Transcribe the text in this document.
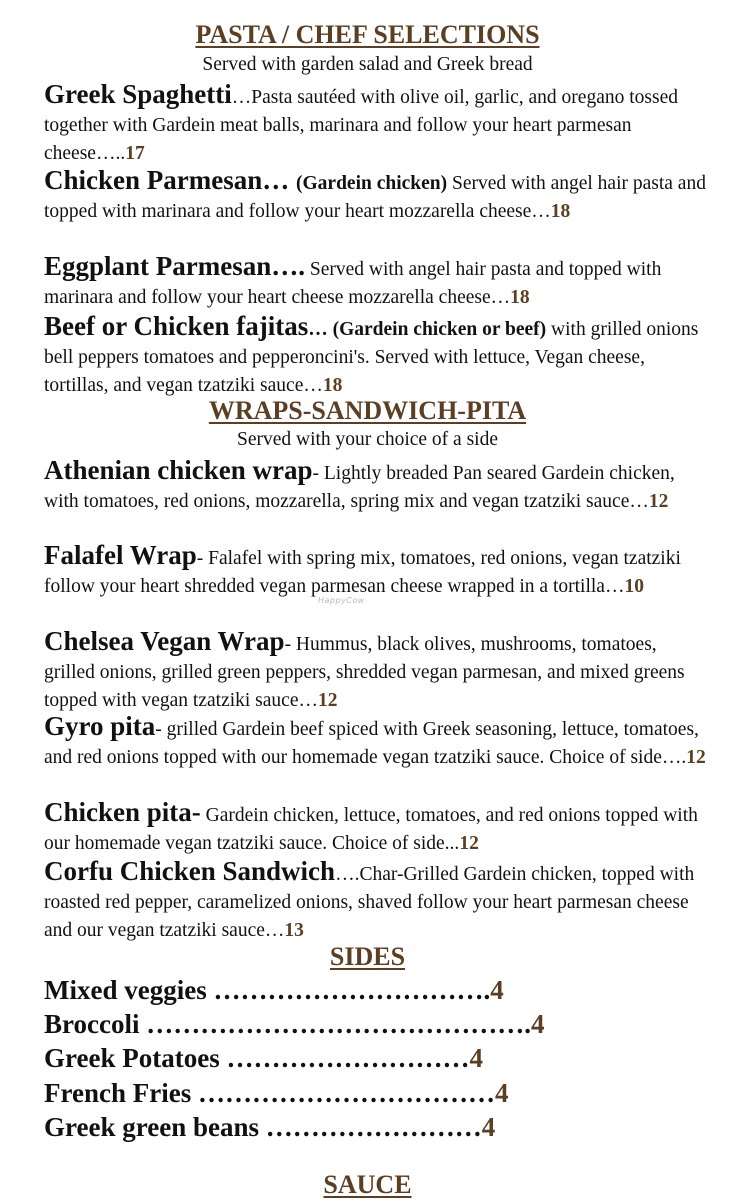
PASTA / CHEF SELECTIONS
Served with garden salad and Greek bread
Greek Spaghetti…Pasta sautéed with olive oil, garlic, and oregano tossed together with Gardein meat balls, marinara and follow your heart parmesan cheese…..17
Chicken Parmesan… (Gardein chicken) Served with angel hair pasta and topped with marinara and follow your heart mozzarella cheese…18
Eggplant Parmesan…. Served with angel hair pasta and topped with marinara and follow your heart cheese mozzarella cheese…18
Beef or Chicken fajitas… (Gardein chicken or beef) with grilled onions bell peppers tomatoes and pepperoncini's. Served with lettuce, Vegan cheese, tortillas, and vegan tzatziki sauce…18
WRAPS-SANDWICH-PITA
Served with your choice of a side
Athenian chicken wrap- Lightly breaded Pan seared Gardein chicken, with tomatoes, red onions, mozzarella, spring mix and vegan tzatziki sauce…12
Falafel Wrap- Falafel with spring mix, tomatoes, red onions, vegan tzatziki follow your heart shredded vegan parmesan cheese wrapped in a tortilla…10
Chelsea Vegan Wrap- Hummus, black olives, mushrooms, tomatoes, grilled onions, grilled green peppers, shredded vegan parmesan, and mixed greens topped with vegan tzatziki sauce…12
Gyro pita- grilled Gardein beef spiced with Greek seasoning, lettuce, tomatoes, and red onions topped with our homemade vegan tzatziki sauce. Choice of side….12
Chicken pita- Gardein chicken, lettuce, tomatoes, and red onions topped with our homemade vegan tzatziki sauce. Choice of side...12
Corfu Chicken Sandwich….Char-Grilled Gardein chicken, topped with roasted red pepper, caramelized onions, shaved follow your heart parmesan cheese and our vegan tzatziki sauce…13
SIDES
Mixed veggies ………………………….4
Broccoli …………………………………….4
Greek Potatoes ………………………4
French Fries ……………………………4
Greek green beans ……………………4
SAUCE
HappyCow
